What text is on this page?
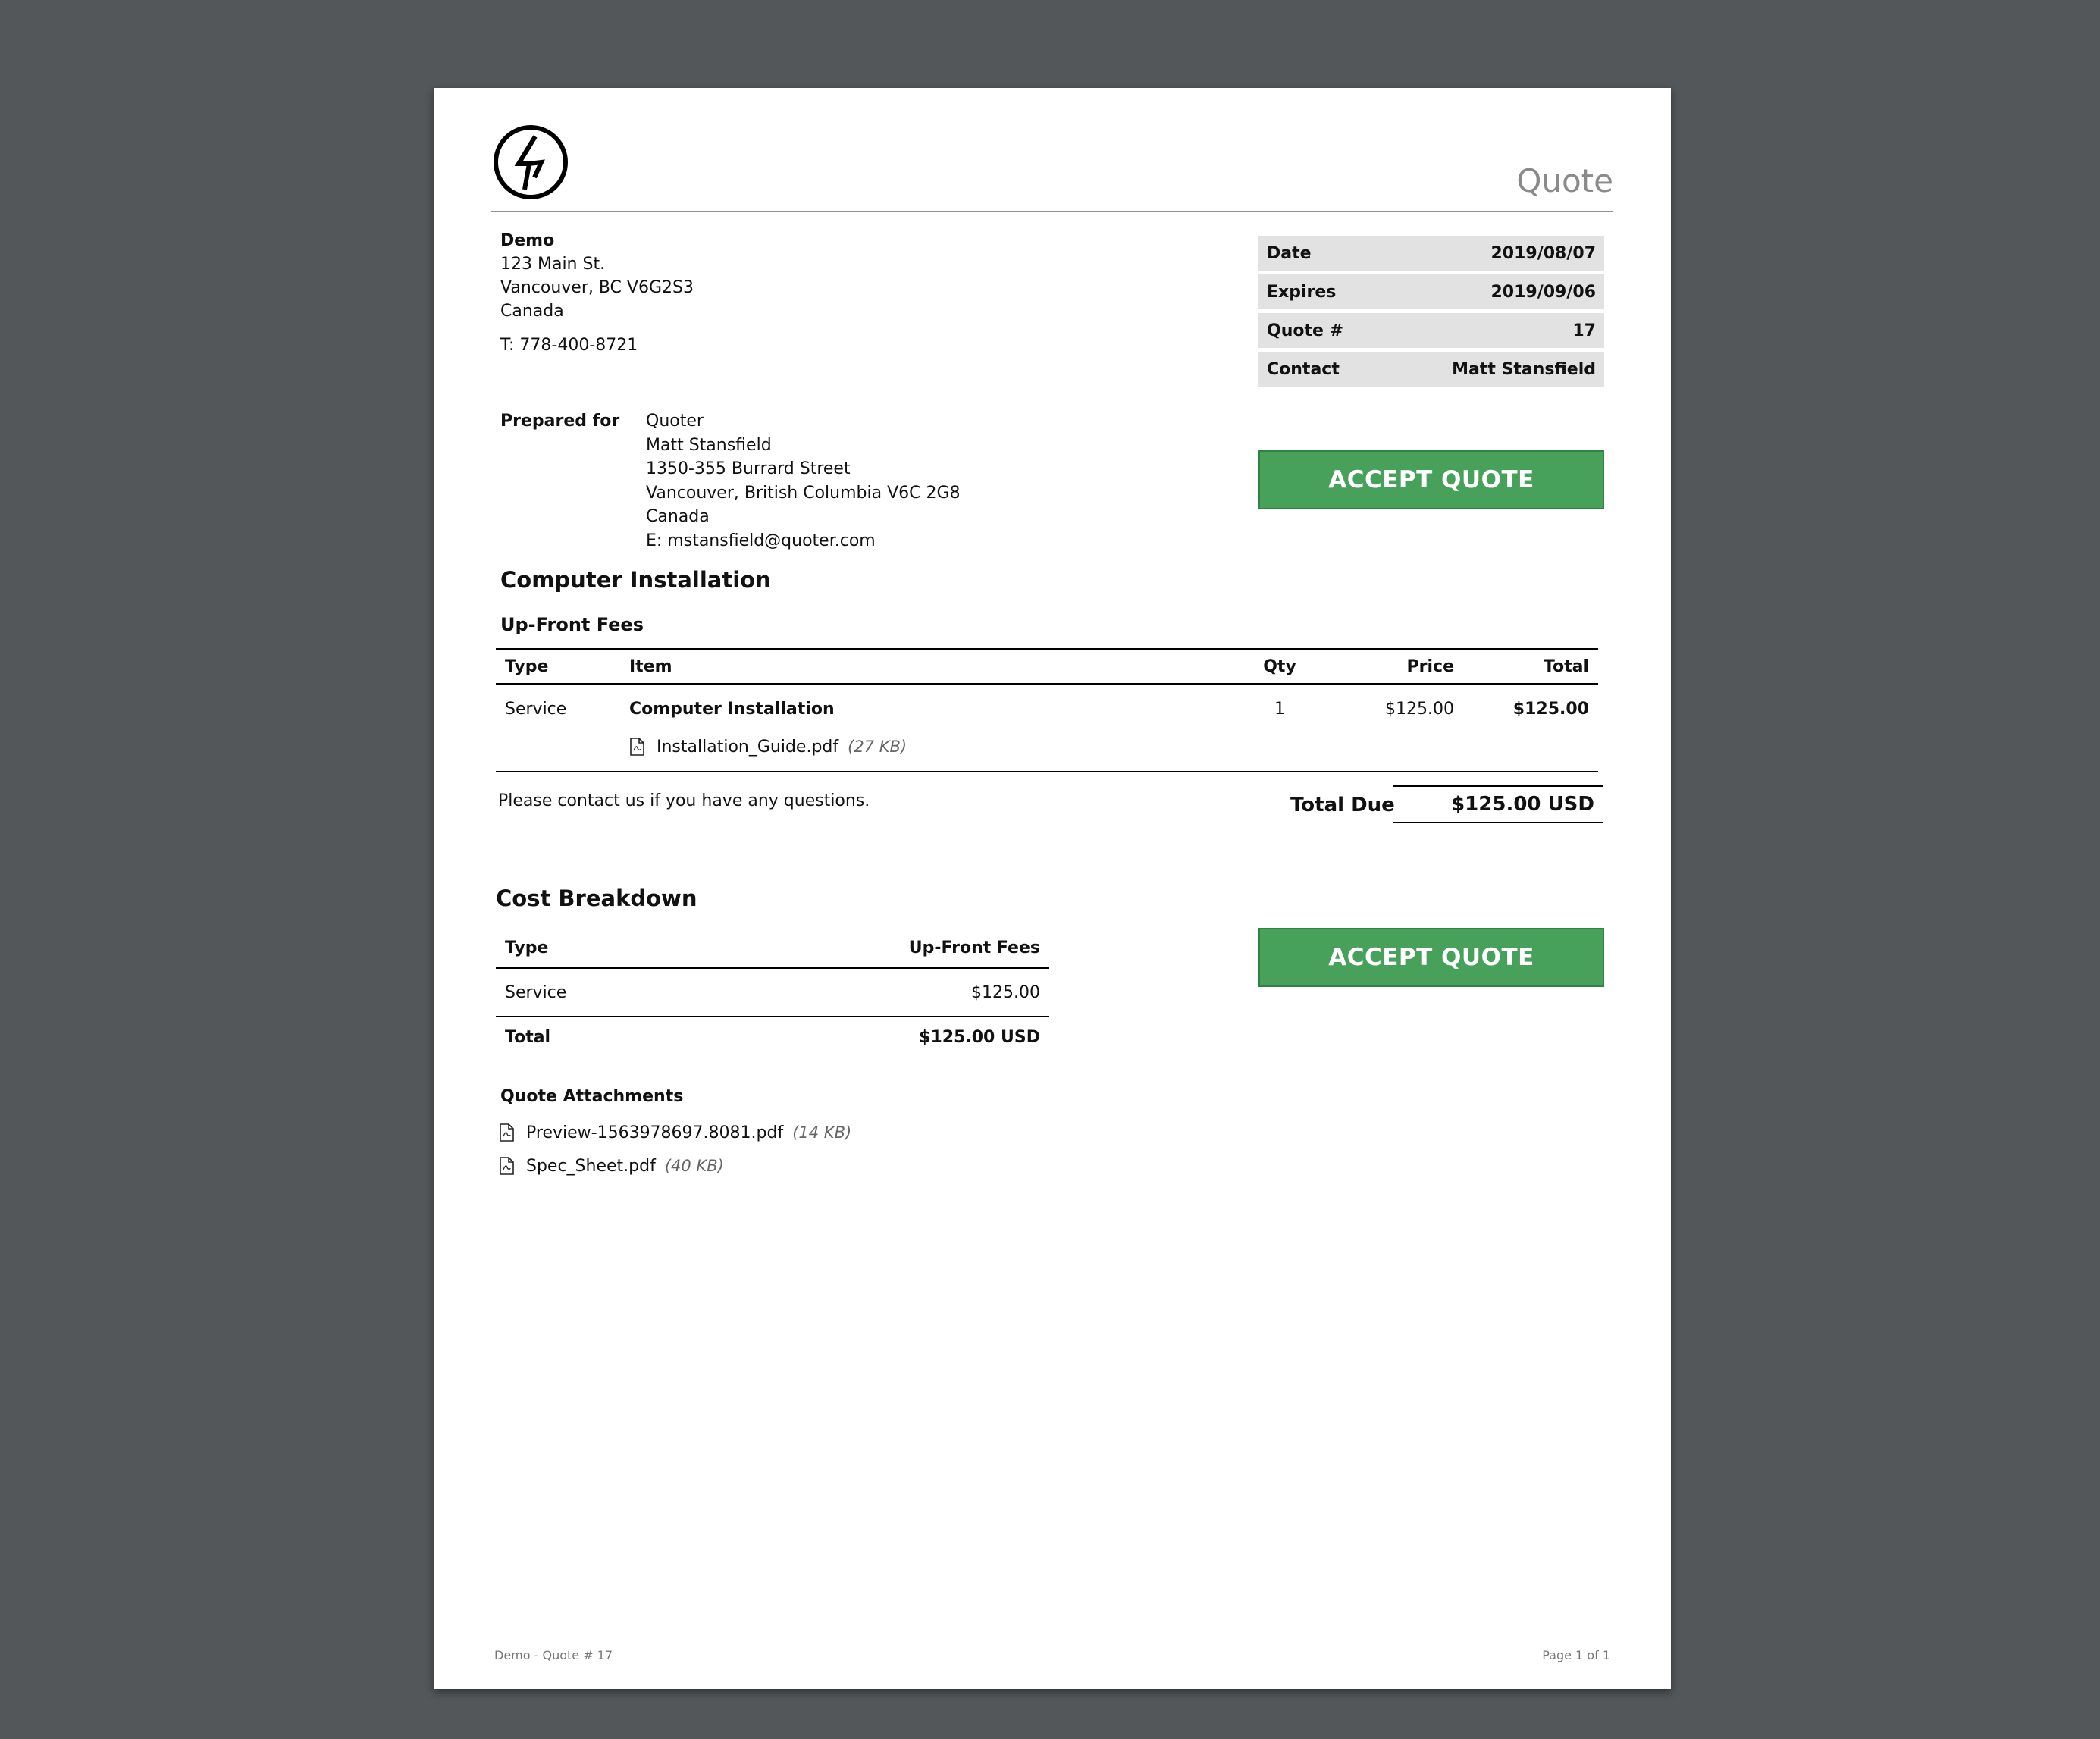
Quote
Demo
123 Main St.
Vancouver, BC V6G2S3
Canada
T: 778-400-8721
Date	2019/08/07
Expires	2019/09/06
Quote #	17
Contact	Matt Stansfield
Prepared for Quoter
Matt Stansfield
1350-355 Burrard Street
Vancouver, British Columbia V6C 2G8
Canada
E: mstansfield@quoter.com
ACCEPT QUOTE
Computer Installation
Up-Front Fees
Type	Item	Qty	Price	Total
Service	Computer Installation	1	$125.00	$125.00
Installation_Guide.pdf (27 KB)
Please contact us if you have any questions.	Total Due	$125.00 USD
Cost Breakdown
Type	Up-Front Fees
Service	$125.00
Total	$125.00 USD
ACCEPT QUOTE
Quote Attachments
Preview-1563978697.8081.pdf (14 KB)
Spec_Sheet.pdf (40 KB)
Demo - Quote # 17	Page 1 of 1
